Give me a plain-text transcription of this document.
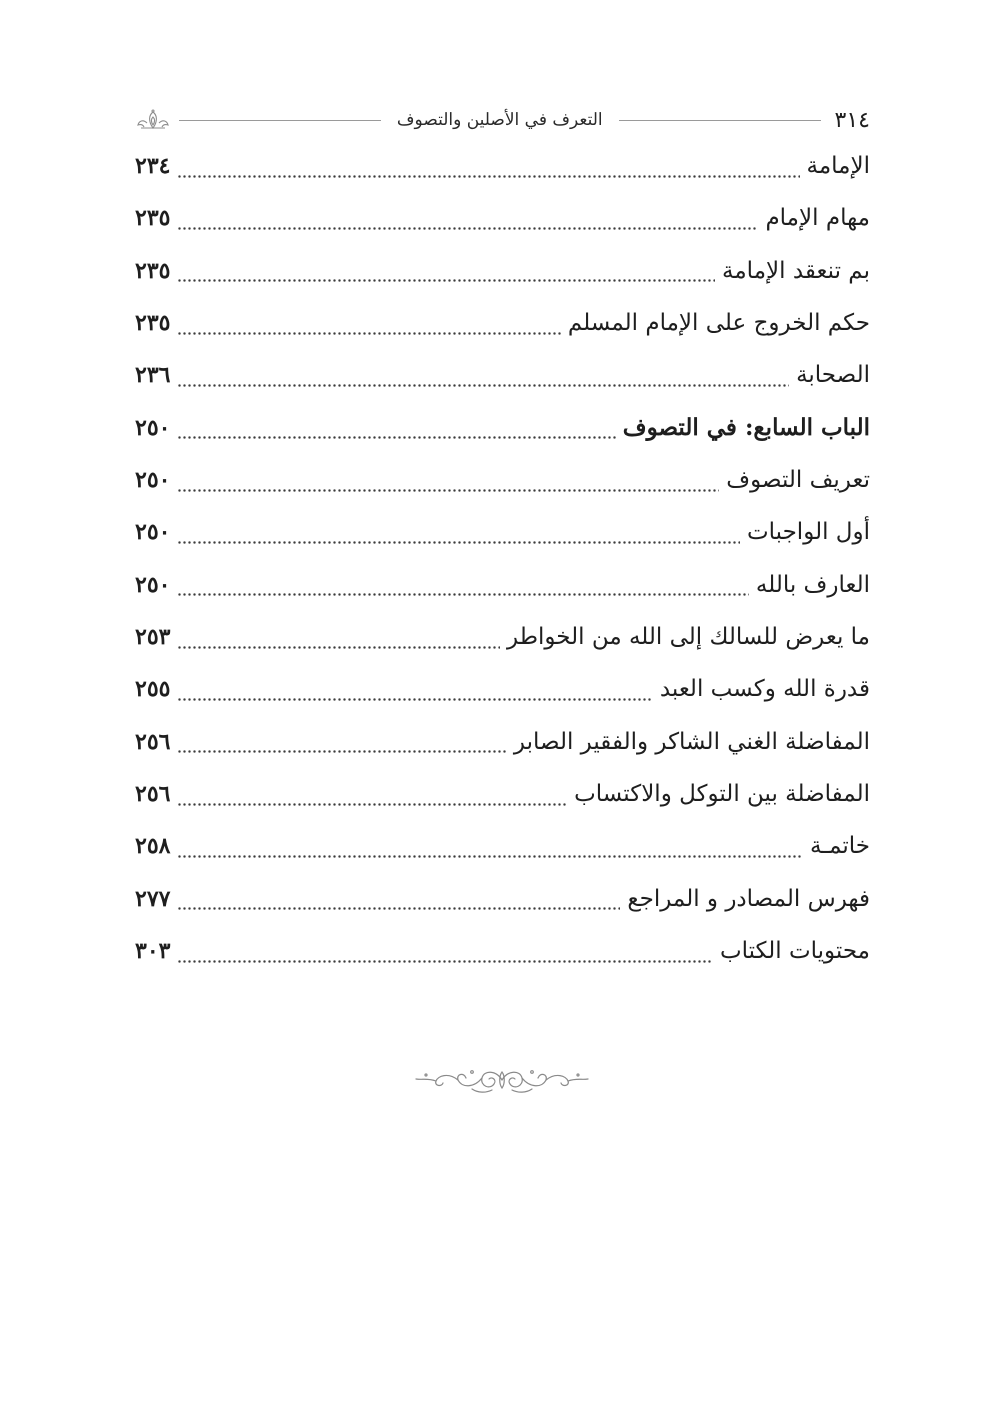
٣١٤
التعرف في الأصلين والتصوف
الإمامة
٢٣٤
مهام الإمام
٢٣٥
بم تنعقد الإمامة
٢٣٥
حكم الخروج على الإمام المسلم
٢٣٥
الصحابة
٢٣٦
الباب السابع: في التصوف
٢٥٠
تعريف التصوف
٢٥٠
أول الواجبات
٢٥٠
العارف بالله
٢٥٠
ما يعرض للسالك إلى الله من الخواطر
٢٥٣
قدرة الله وكسب العبد
٢٥٥
المفاضلة الغني الشاكر والفقير الصابر
٢٥٦
المفاضلة بين التوكل والاكتساب
٢٥٦
خاتمـة
٢٥٨
فهرس المصادر و المراجع
٢٧٧
محتويات الكتاب
٣٠٣
